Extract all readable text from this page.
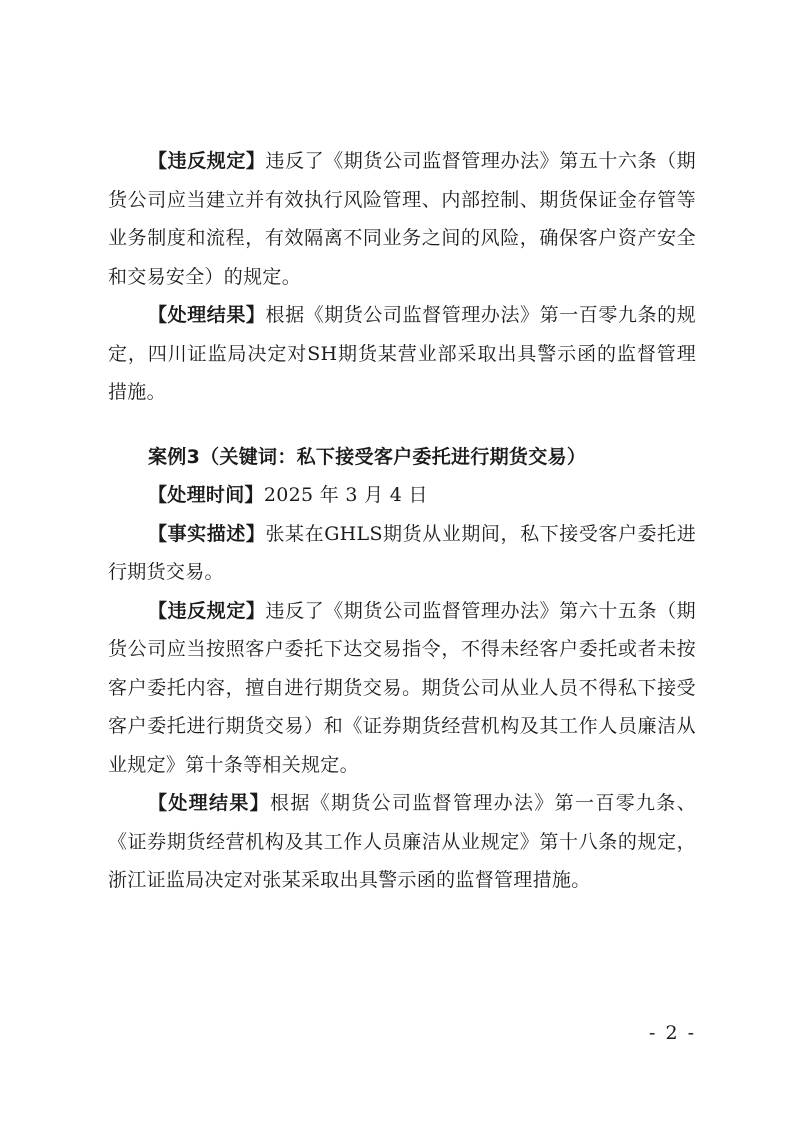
【违反规定】违反了《期货公司监督管理办法》第五十六条（期货公司应当建立并有效执行风险管理、内部控制、期货保证金存管等业务制度和流程，有效隔离不同业务之间的风险，确保客户资产安全和交易安全）的规定。

【处理结果】根据《期货公司监督管理办法》第一百零九条的规定，四川证监局决定对SH期货某营业部采取出具警示函的监督管理措施。

案例3（关键词：私下接受客户委托进行期货交易）

【处理时间】2025 年 3 月 4 日

【事实描述】张某在GHLS期货从业期间，私下接受客户委托进行期货交易。

【违反规定】违反了《期货公司监督管理办法》第六十五条（期货公司应当按照客户委托下达交易指令，不得未经客户委托或者未按客户委托内容，擅自进行期货交易。期货公司从业人员不得私下接受客户委托进行期货交易）和《证券期货经营机构及其工作人员廉洁从业规定》第十条等相关规定。

【处理结果】根据《期货公司监督管理办法》第一百零九条、《证券期货经营机构及其工作人员廉洁从业规定》第十八条的规定，浙江证监局决定对张某采取出具警示函的监督管理措施。

- 2 -
